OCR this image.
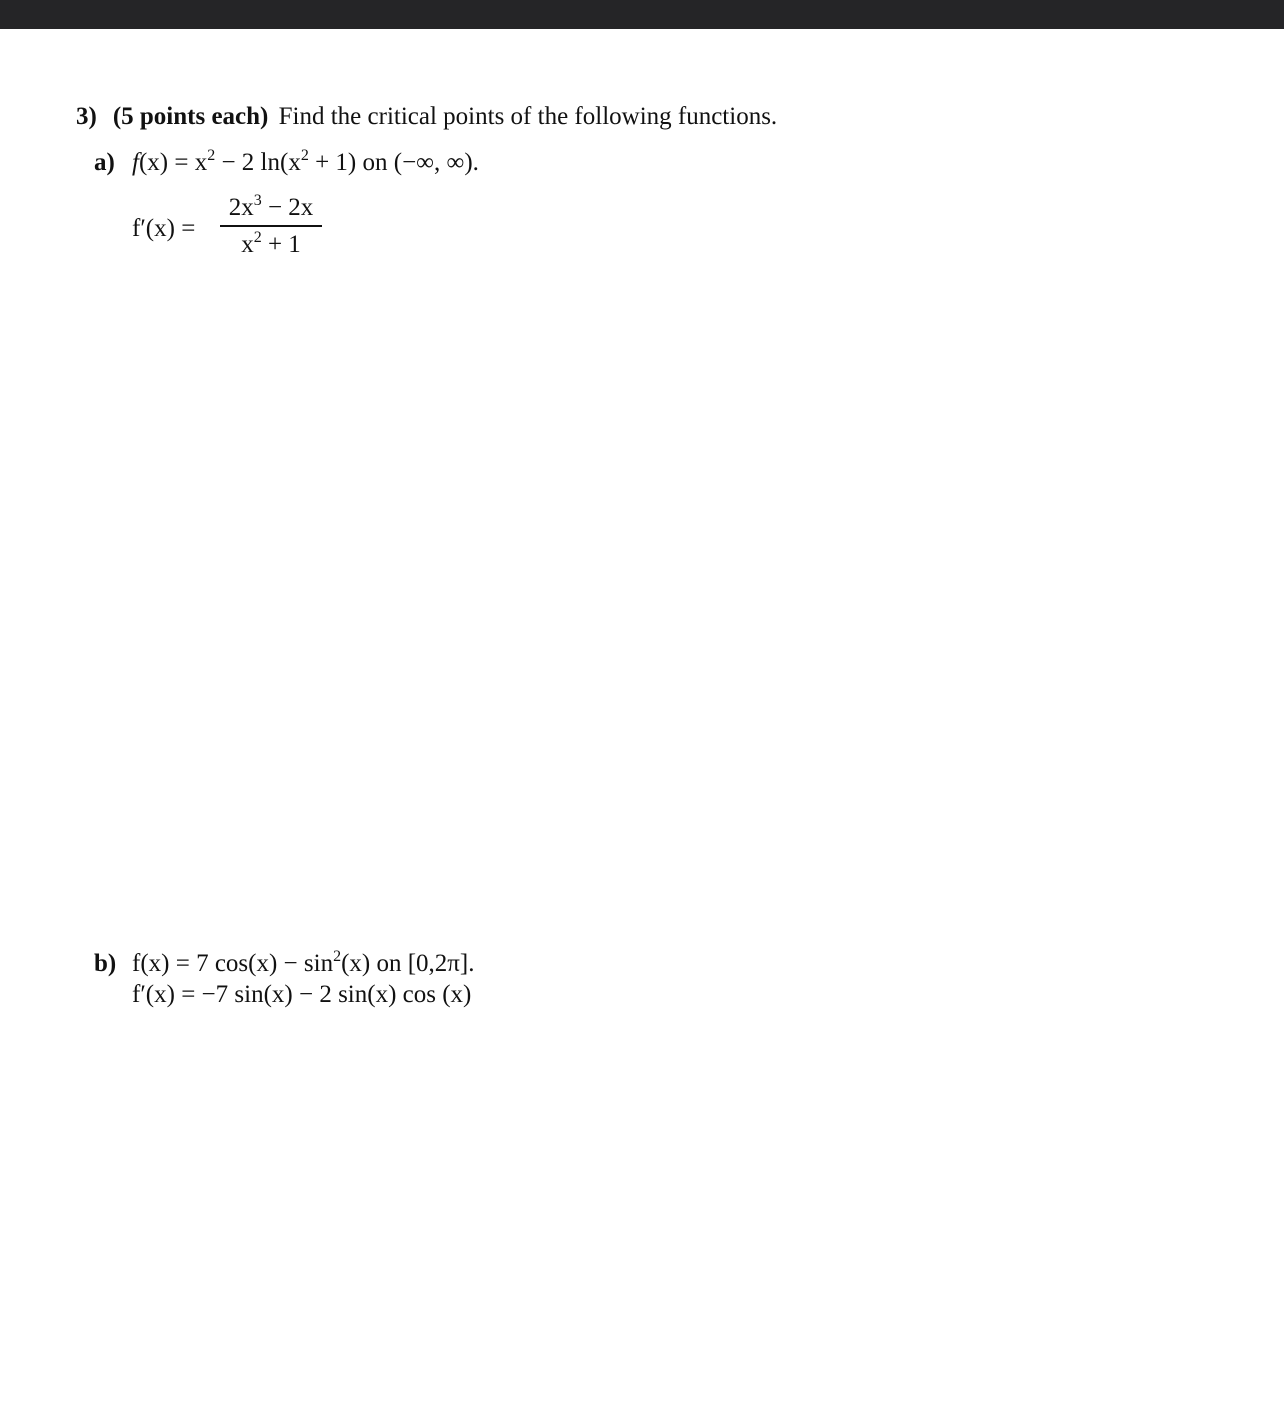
3) (5 points each) Find the critical points of the following functions.
a) $f(x) = x^2 - 2$ $\ln(x^2 + 1)$ on (−∞, ∞).
f′(x) =
$2x^3 - 2x$
$x^2 + 1$
b) f(x) = 7 $\cos(x) - \sin^2(x)$ on [0,2π].
f′(x) = −7 sin(x) − 2 sin(x) cos (x)
